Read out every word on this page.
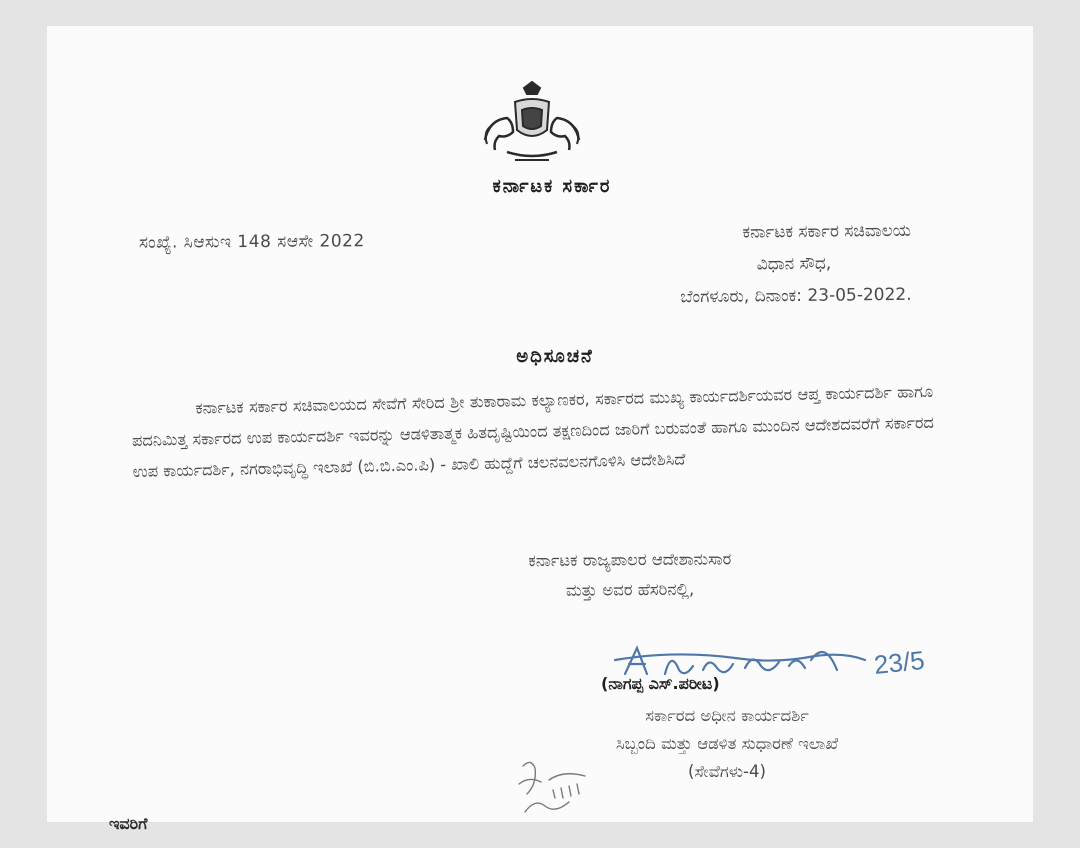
ಕರ್ನಾಟಕ ಸರ್ಕಾರ
ಸಂಖ್ಯೆ. ಸಿಆಸುಇ 148 ಸಆಸೇ 2022	ಕರ್ನಾಟಕ ಸರ್ಕಾರ ಸಚಿವಾಲಯ
ವಿಧಾನ ಸೌಧ,
ಬೆಂಗಳೂರು, ದಿನಾಂಕ: 23-05-2022.
ಅಧಿಸೂಚನೆ
ಕರ್ನಾಟಕ ಸರ್ಕಾರ ಸಚಿವಾಲಯದ ಸೇವೆಗೆ ಸೇರಿದ ಶ್ರೀ ತುಕಾರಾಮ ಕಲ್ಯಾಣಕರ, ಸರ್ಕಾರದ ಮುಖ್ಯ ಕಾರ್ಯದರ್ಶಿಯವರ ಆಪ್ತ ಕಾರ್ಯದರ್ಶಿ ಹಾಗೂ ಪದನಿಮಿತ್ತ ಸರ್ಕಾರದ ಉಪ ಕಾರ್ಯದರ್ಶಿ ಇವರನ್ನು ಆಡಳಿತಾತ್ಮಕ ಹಿತದೃಷ್ಟಿಯಿಂದ ತಕ್ಷಣದಿಂದ ಜಾರಿಗೆ ಬರುವಂತೆ ಹಾಗೂ ಮುಂದಿನ ಆದೇಶದವರೆಗೆ ಸರ್ಕಾರದ ಉಪ ಕಾರ್ಯದರ್ಶಿ, ನಗರಾಭಿವೃದ್ಧಿ ಇಲಾಖೆ (ಬಿ.ಬಿ.ಎಂ.ಪಿ) - ಖಾಲಿ ಹುದ್ದೆಗೆ ಚಲನವಲನಗೊಳಿಸಿ ಆದೇಶಿಸಿದೆ
ಕರ್ನಾಟಕ ರಾಜ್ಯಪಾಲರ ಆದೇಶಾನುಸಾರ
ಮತ್ತು ಅವರ ಹೆಸರಿನಲ್ಲಿ,
23/5
(ನಾಗಪ್ಪ ಎಸ್.ಪರೀಟ)
ಸರ್ಕಾರದ ಅಧೀನ ಕಾರ್ಯದರ್ಶಿ
ಸಿಬ್ಬಂದಿ ಮತ್ತು ಆಡಳಿತ ಸುಧಾರಣೆ ಇಲಾಖೆ
(ಸೇವೆಗಳು-4)
ಇವರಿಗೆ
